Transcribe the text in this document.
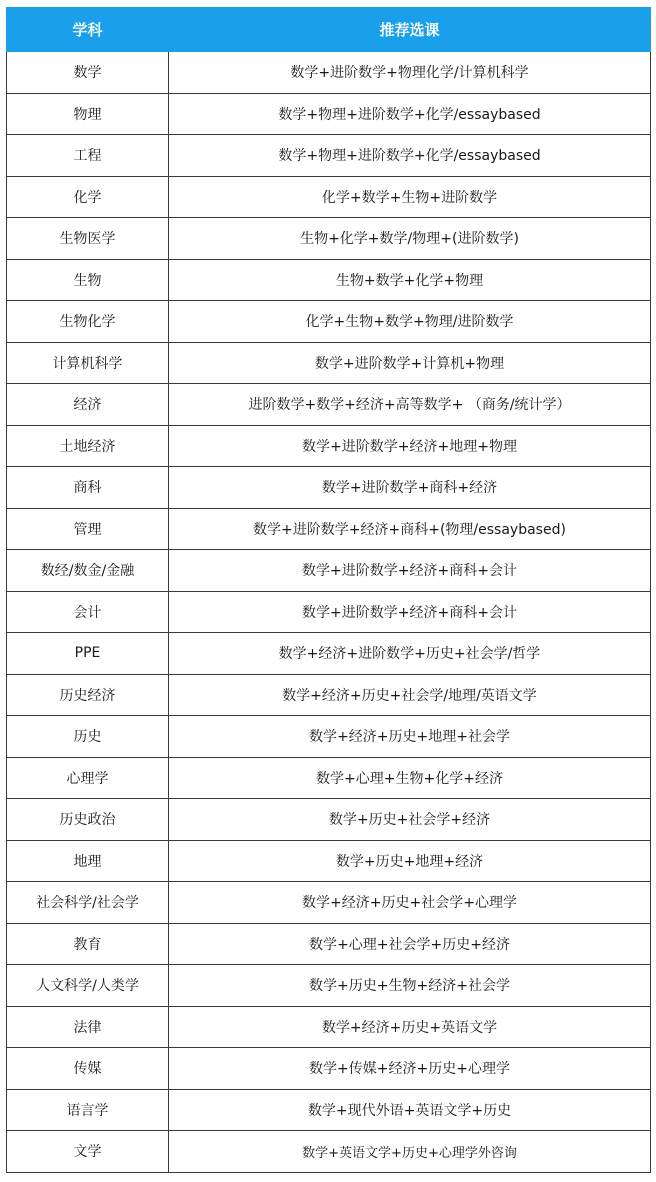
学科	推荐选课
数学	数学+进阶数学+物理化学/计算机科学
物理	数学+物理+进阶数学+化学/essaybased
工程	数学+物理+进阶数学+化学/essaybased
化学	化学+数学+生物+进阶数学
生物医学	生物+化学+数学/物理+(进阶数学)
生物	生物+数学+化学+物理
生物化学	化学+生物+数学+物理/进阶数学
计算机科学	数学+进阶数学+计算机+物理
经济	进阶数学+数学+经济+高等数学+ （商务/统计学）
土地经济	数学+进阶数学+经济+地理+物理
商科	数学+进阶数学+商科+经济
管理	数学+进阶数学+经济+商科+(物理/essaybased)
数经/数金/金融	数学+进阶数学+经济+商科+会计
会计	数学+进阶数学+经济+商科+会计
PPE	数学+经济+进阶数学+历史+社会学/哲学
历史经济	数学+经济+历史+社会学/地理/英语文学
历史	数学+经济+历史+地理+社会学
心理学	数学+心理+生物+化学+经济
历史政治	数学+历史+社会学+经济
地理	数学+历史+地理+经济
社会科学/社会学	数学+经济+历史+社会学+心理学
教育	数学+心理+社会学+历史+经济
人文科学/人类学	数学+历史+生物+经济+社会学
法律	数学+经济+历史+英语文学
传媒	数学+传媒+经济+历史+心理学
语言学	数学+现代外语+英语文学+历史
文学	数学+英语文学+历史+心理学外咨询
